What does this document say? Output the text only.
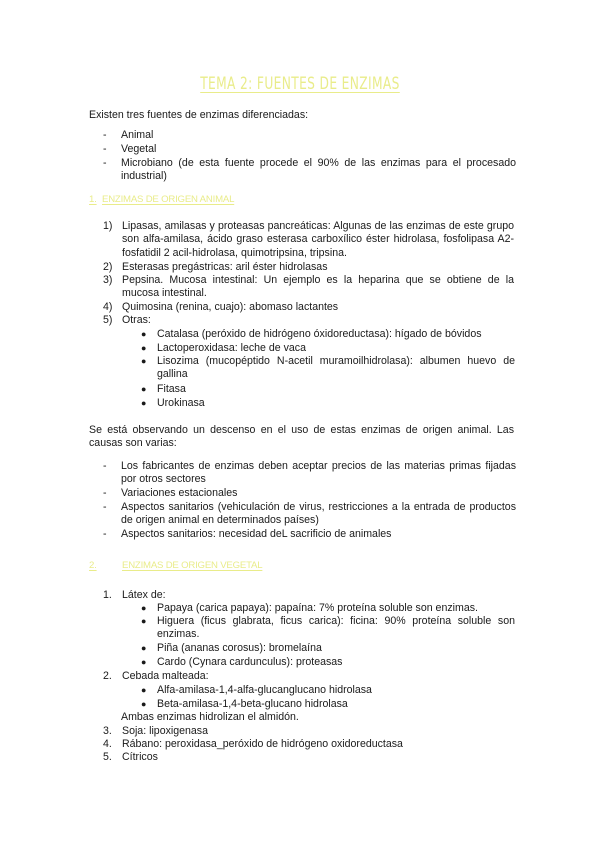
TEMA 2: FUENTES DE ENZIMAS
Existen tres fuentes de enzimas diferenciadas:
- Animal
- Vegetal
- Microbiano (de esta fuente procede el 90% de las enzimas para el procesado industrial)
1. ENZIMAS DE ORIGEN ANIMAL
1) Lipasas, amilasas y proteasas pancreáticas: Algunas de las enzimas de este grupo son alfa-amilasa, ácido graso esterasa carboxílico éster hidrolasa, fosfolipasa A2-fosfatidil 2 acil-hidrolasa, quimotripsina, tripsina.
2) Esterasas pregástricas: aril éster hidrolasas
3) Pepsina. Mucosa intestinal: Un ejemplo es la heparina que se obtiene de la mucosa intestinal.
4) Quimosina (renina, cuajo): abomaso lactantes
5) Otras:
● Catalasa (peróxido de hidrógeno óxidoreductasa): hígado de bóvidos
● Lactoperoxidasa: leche de vaca
● Lisozima (mucopéptido N-acetil muramoilhidrolasa): albumen huevo de gallina
● Fitasa
● Urokinasa
Se está observando un descenso en el uso de estas enzimas de origen animal. Las causas son varias:
- Los fabricantes de enzimas deben aceptar precios de las materias primas fijadas por otros sectores
- Variaciones estacionales
- Aspectos sanitarios (vehiculación de virus, restricciones a la entrada de productos de origen animal en determinados países)
- Aspectos sanitarios: necesidad deL sacrificio de animales
2.	ENZIMAS DE ORIGEN VEGETAL
1. Látex de:
● Papaya (carica papaya): papaína: 7% proteína soluble son enzimas.
● Higuera (ficus glabrata, ficus carica): ficina: 90% proteína soluble son enzimas.
● Piña (ananas corosus): bromelaína
● Cardo (Cynara cardunculus): proteasas
2. Cebada malteada:
● Alfa-amilasa-1,4-alfa-glucanglucano hidrolasa
● Beta-amilasa-1,4-beta-glucano hidrolasa
Ambas enzimas hidrolizan el almidón.
3. Soja: lipoxigenasa
4. Rábano: peroxidasa_peróxido de hidrógeno oxidoreductasa
5. Cítricos
